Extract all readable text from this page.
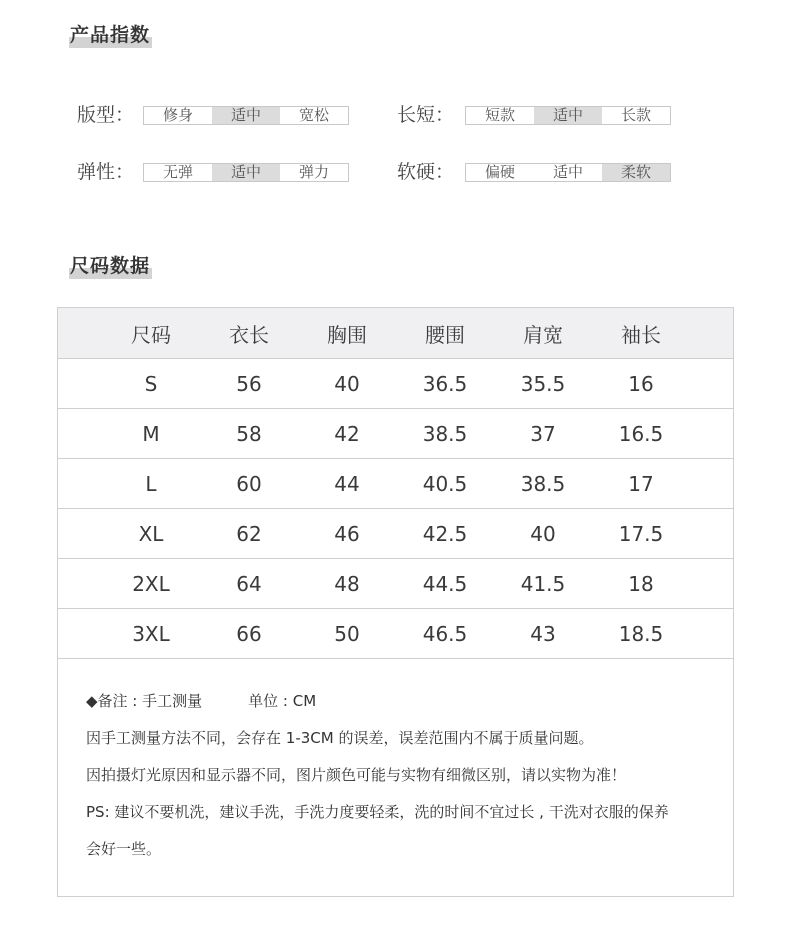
产品指数
版型：	修身	适中	宽松	长短：	短款	适中	长款
弹性：	无弹	适中	弹力	软硬：	偏硬	适中	柔软
尺码数据
尺码	衣长	胸围	腰围	肩宽	袖长
S	56	40	36.5	35.5	16
M	58	42	38.5	37	16.5
L	60	44	40.5	38.5	17
XL	62	46	42.5	40	17.5
2XL	64	48	44.5	41.5	18
3XL	66	50	46.5	43	18.5
◆备注 : 手工测量	单位 : CM
因手工测量方法不同，会存在 1-3CM 的误差，误差范围内不属于质量问题。
因拍摄灯光原因和显示器不同，图片颜色可能与实物有细微区别，请以实物为准！
PS: 建议不要机洗，建议手洗，手洗力度要轻柔，洗的时间不宜过长 , 干洗对衣服的保养
会好一些。
